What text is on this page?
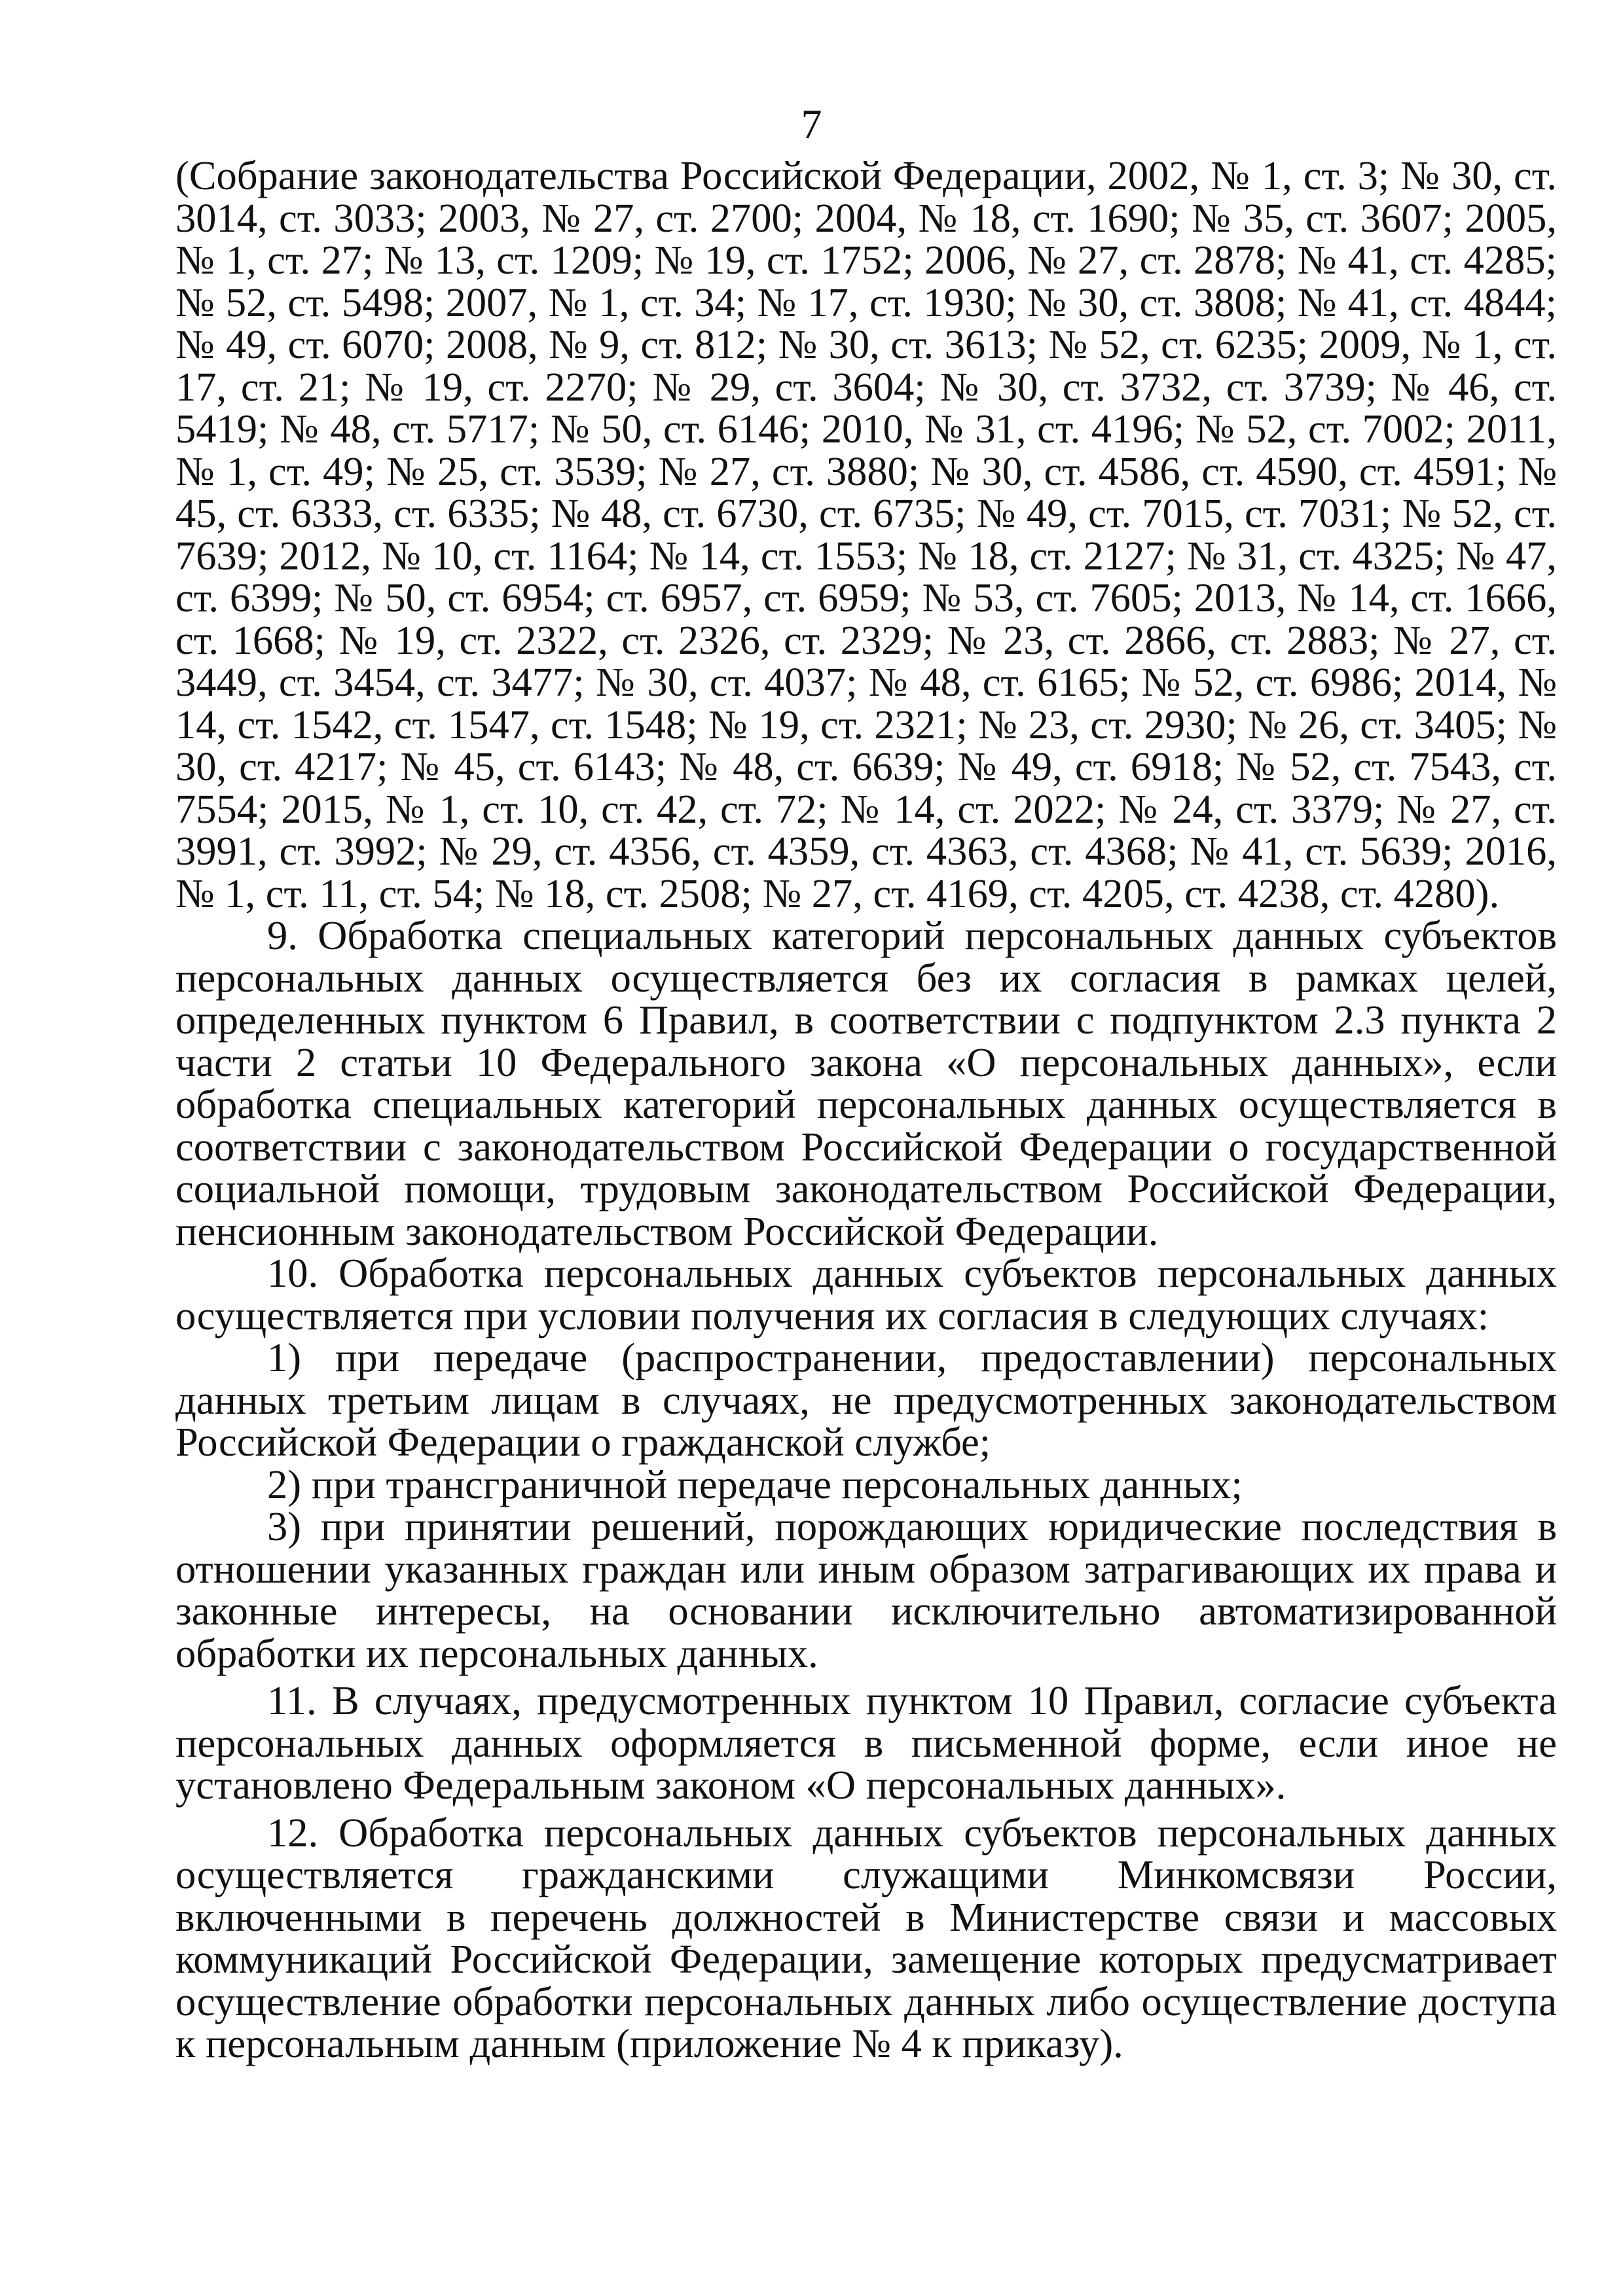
7

(Собрание законодательства Российской Федерации, 2002, № 1, ст. 3; № 30, ст. 3014, ст. 3033; 2003, № 27, ст. 2700; 2004, № 18, ст. 1690; № 35, ст. 3607; 2005, № 1, ст. 27; № 13, ст. 1209; № 19, ст. 1752; 2006, № 27, ст. 2878; № 41, ст. 4285; № 52, ст. 5498; 2007, № 1, ст. 34; № 17, ст. 1930; № 30, ст. 3808; № 41, ст. 4844; № 49, ст. 6070; 2008, № 9, ст. 812; № 30, ст. 3613; № 52, ст. 6235; 2009, № 1, ст. 17, ст. 21; № 19, ст. 2270; № 29, ст. 3604; № 30, ст. 3732, ст. 3739; № 46, ст. 5419; № 48, ст. 5717; № 50, ст. 6146; 2010, № 31, ст. 4196; № 52, ст. 7002; 2011, № 1, ст. 49; № 25, ст. 3539; № 27, ст. 3880; № 30, ст. 4586, ст. 4590, ст. 4591; № 45, ст. 6333, ст. 6335; № 48, ст. 6730, ст. 6735; № 49, ст. 7015, ст. 7031; № 52, ст. 7639; 2012, № 10, ст. 1164; № 14, ст. 1553; № 18, ст. 2127; № 31, ст. 4325; № 47, ст. 6399; № 50, ст. 6954; ст. 6957, ст. 6959; № 53, ст. 7605; 2013, № 14, ст. 1666, ст. 1668; № 19, ст. 2322, ст. 2326, ст. 2329; № 23, ст. 2866, ст. 2883; № 27, ст. 3449, ст. 3454, ст. 3477; № 30, ст. 4037; № 48, ст. 6165; № 52, ст. 6986; 2014, № 14, ст. 1542, ст. 1547, ст. 1548; № 19, ст. 2321; № 23, ст. 2930; № 26, ст. 3405; № 30, ст. 4217; № 45, ст. 6143; № 48, ст. 6639; № 49, ст. 6918; № 52, ст. 7543, ст. 7554; 2015, № 1, ст. 10, ст. 42, ст. 72; № 14, ст. 2022; № 24, ст. 3379; № 27, ст. 3991, ст. 3992; № 29, ст. 4356, ст. 4359, ст. 4363, ст. 4368; № 41, ст. 5639; 2016, № 1, ст. 11, ст. 54; № 18, ст. 2508; № 27, ст. 4169, ст. 4205, ст. 4238, ст. 4280).

9. Обработка специальных категорий персональных данных субъектов персональных данных осуществляется без их согласия в рамках целей, определенных пунктом 6 Правил, в соответствии с подпунктом 2.3 пункта 2 части 2 статьи 10 Федерального закона «О персональных данных», если обработка специальных категорий персональных данных осуществляется в соответствии с законодательством Российской Федерации о государственной социальной помощи, трудовым законодательством Российской Федерации, пенсионным законодательством Российской Федерации.

10. Обработка персональных данных субъектов персональных данных осуществляется при условии получения их согласия в следующих случаях:

1) при передаче (распространении, предоставлении) персональных данных третьим лицам в случаях, не предусмотренных законодательством Российской Федерации о гражданской службе;

2) при трансграничной передаче персональных данных;

3) при принятии решений, порождающих юридические последствия в отношении указанных граждан или иным образом затрагивающих их права и законные интересы, на основании исключительно автоматизированной обработки их персональных данных.

11. В случаях, предусмотренных пунктом 10 Правил, согласие субъекта персональных данных оформляется в письменной форме, если иное не установлено Федеральным законом «О персональных данных».

12. Обработка персональных данных субъектов персональных данных осуществляется гражданскими служащими Минкомсвязи России, включенными в перечень должностей в Министерстве связи и массовых коммуникаций Российской Федерации, замещение которых предусматривает осуществление обработки персональных данных либо осуществление доступа к персональным данным (приложение № 4 к приказу).
